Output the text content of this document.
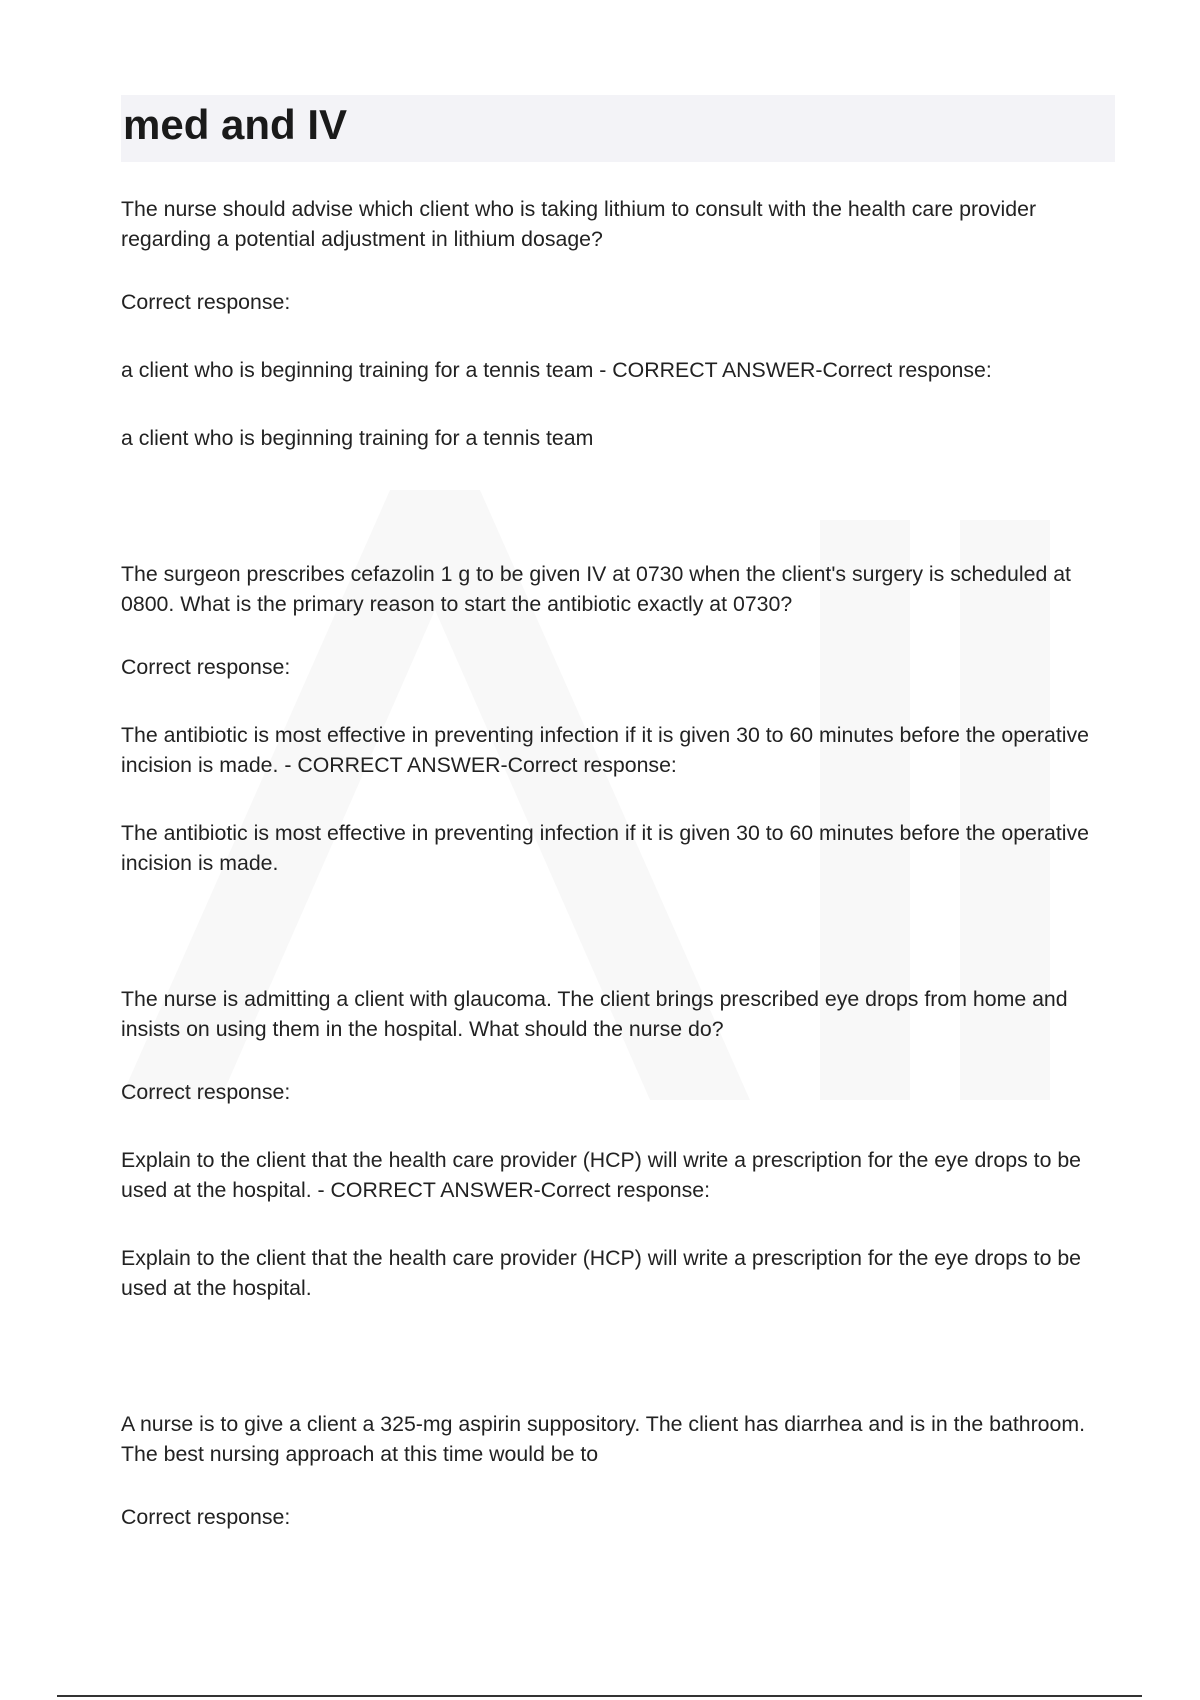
med and IV

The nurse should advise which client who is taking lithium to consult with the health care provider regarding a potential adjustment in lithium dosage?

Correct response:

a client who is beginning training for a tennis team - CORRECT ANSWER-Correct response:

a client who is beginning training for a tennis team

The surgeon prescribes cefazolin 1 g to be given IV at 0730 when the client's surgery is scheduled at 0800. What is the primary reason to start the antibiotic exactly at 0730?

Correct response:

The antibiotic is most effective in preventing infection if it is given 30 to 60 minutes before the operative incision is made. - CORRECT ANSWER-Correct response:

The antibiotic is most effective in preventing infection if it is given 30 to 60 minutes before the operative incision is made.

The nurse is admitting a client with glaucoma. The client brings prescribed eye drops from home and insists on using them in the hospital. What should the nurse do?

Correct response:

Explain to the client that the health care provider (HCP) will write a prescription for the eye drops to be used at the hospital. - CORRECT ANSWER-Correct response:

Explain to the client that the health care provider (HCP) will write a prescription for the eye drops to be used at the hospital.

A nurse is to give a client a 325-mg aspirin suppository. The client has diarrhea and is in the bathroom. The best nursing approach at this time would be to

Correct response:
